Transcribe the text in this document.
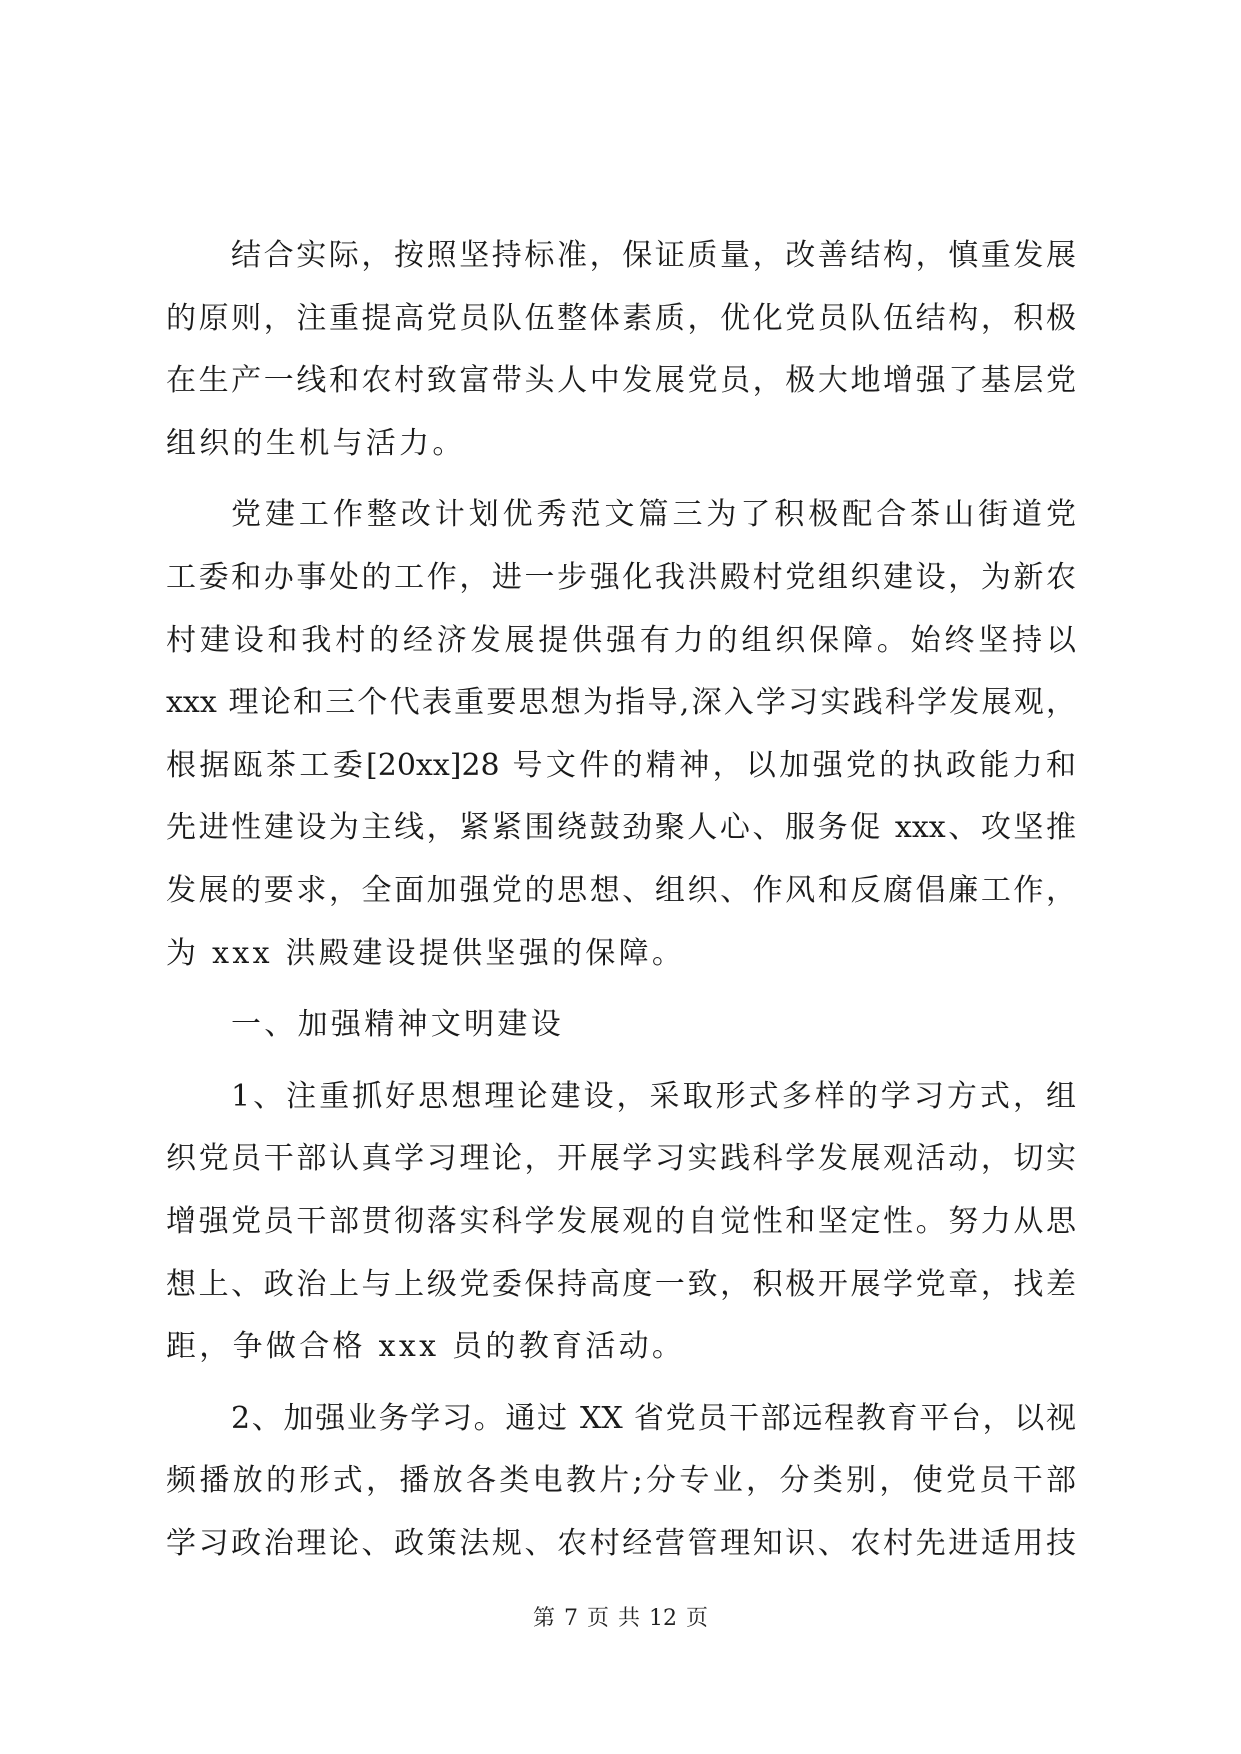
结合实际，按照坚持标准，保证质量，改善结构，慎重发展
的原则，注重提高党员队伍整体素质，优化党员队伍结构，积极
在生产一线和农村致富带头人中发展党员，极大地增强了基层党
组织的生机与活力。
党建工作整改计划优秀范文篇三为了积极配合茶山街道党
工委和办事处的工作，进一步强化我洪殿村党组织建设，为新农
村建设和我村的经济发展提供强有力的组织保障。始终坚持以
xxx 理论和三个代表重要思想为指导,深入学习实践科学发展观，
根据瓯茶工委[20xx]28 号文件的精神，以加强党的执政能力和
先进性建设为主线，紧紧围绕鼓劲聚人心、服务促 xxx、攻坚推
发展的要求，全面加强党的思想、组织、作风和反腐倡廉工作，
为 xxx 洪殿建设提供坚强的保障。
一、加强精神文明建设
1、注重抓好思想理论建设，采取形式多样的学习方式，组
织党员干部认真学习理论，开展学习实践科学发展观活动，切实
增强党员干部贯彻落实科学发展观的自觉性和坚定性。努力从思
想上、政治上与上级党委保持高度一致，积极开展学党章，找差
距，争做合格 xxx 员的教育活动。
2、加强业务学习。通过 XX 省党员干部远程教育平台，以视
频播放的形式，播放各类电教片;分专业，分类别，使党员干部
学习政治理论、政策法规、农村经营管理知识、农村先进适用技
第 7 页 共 12 页
